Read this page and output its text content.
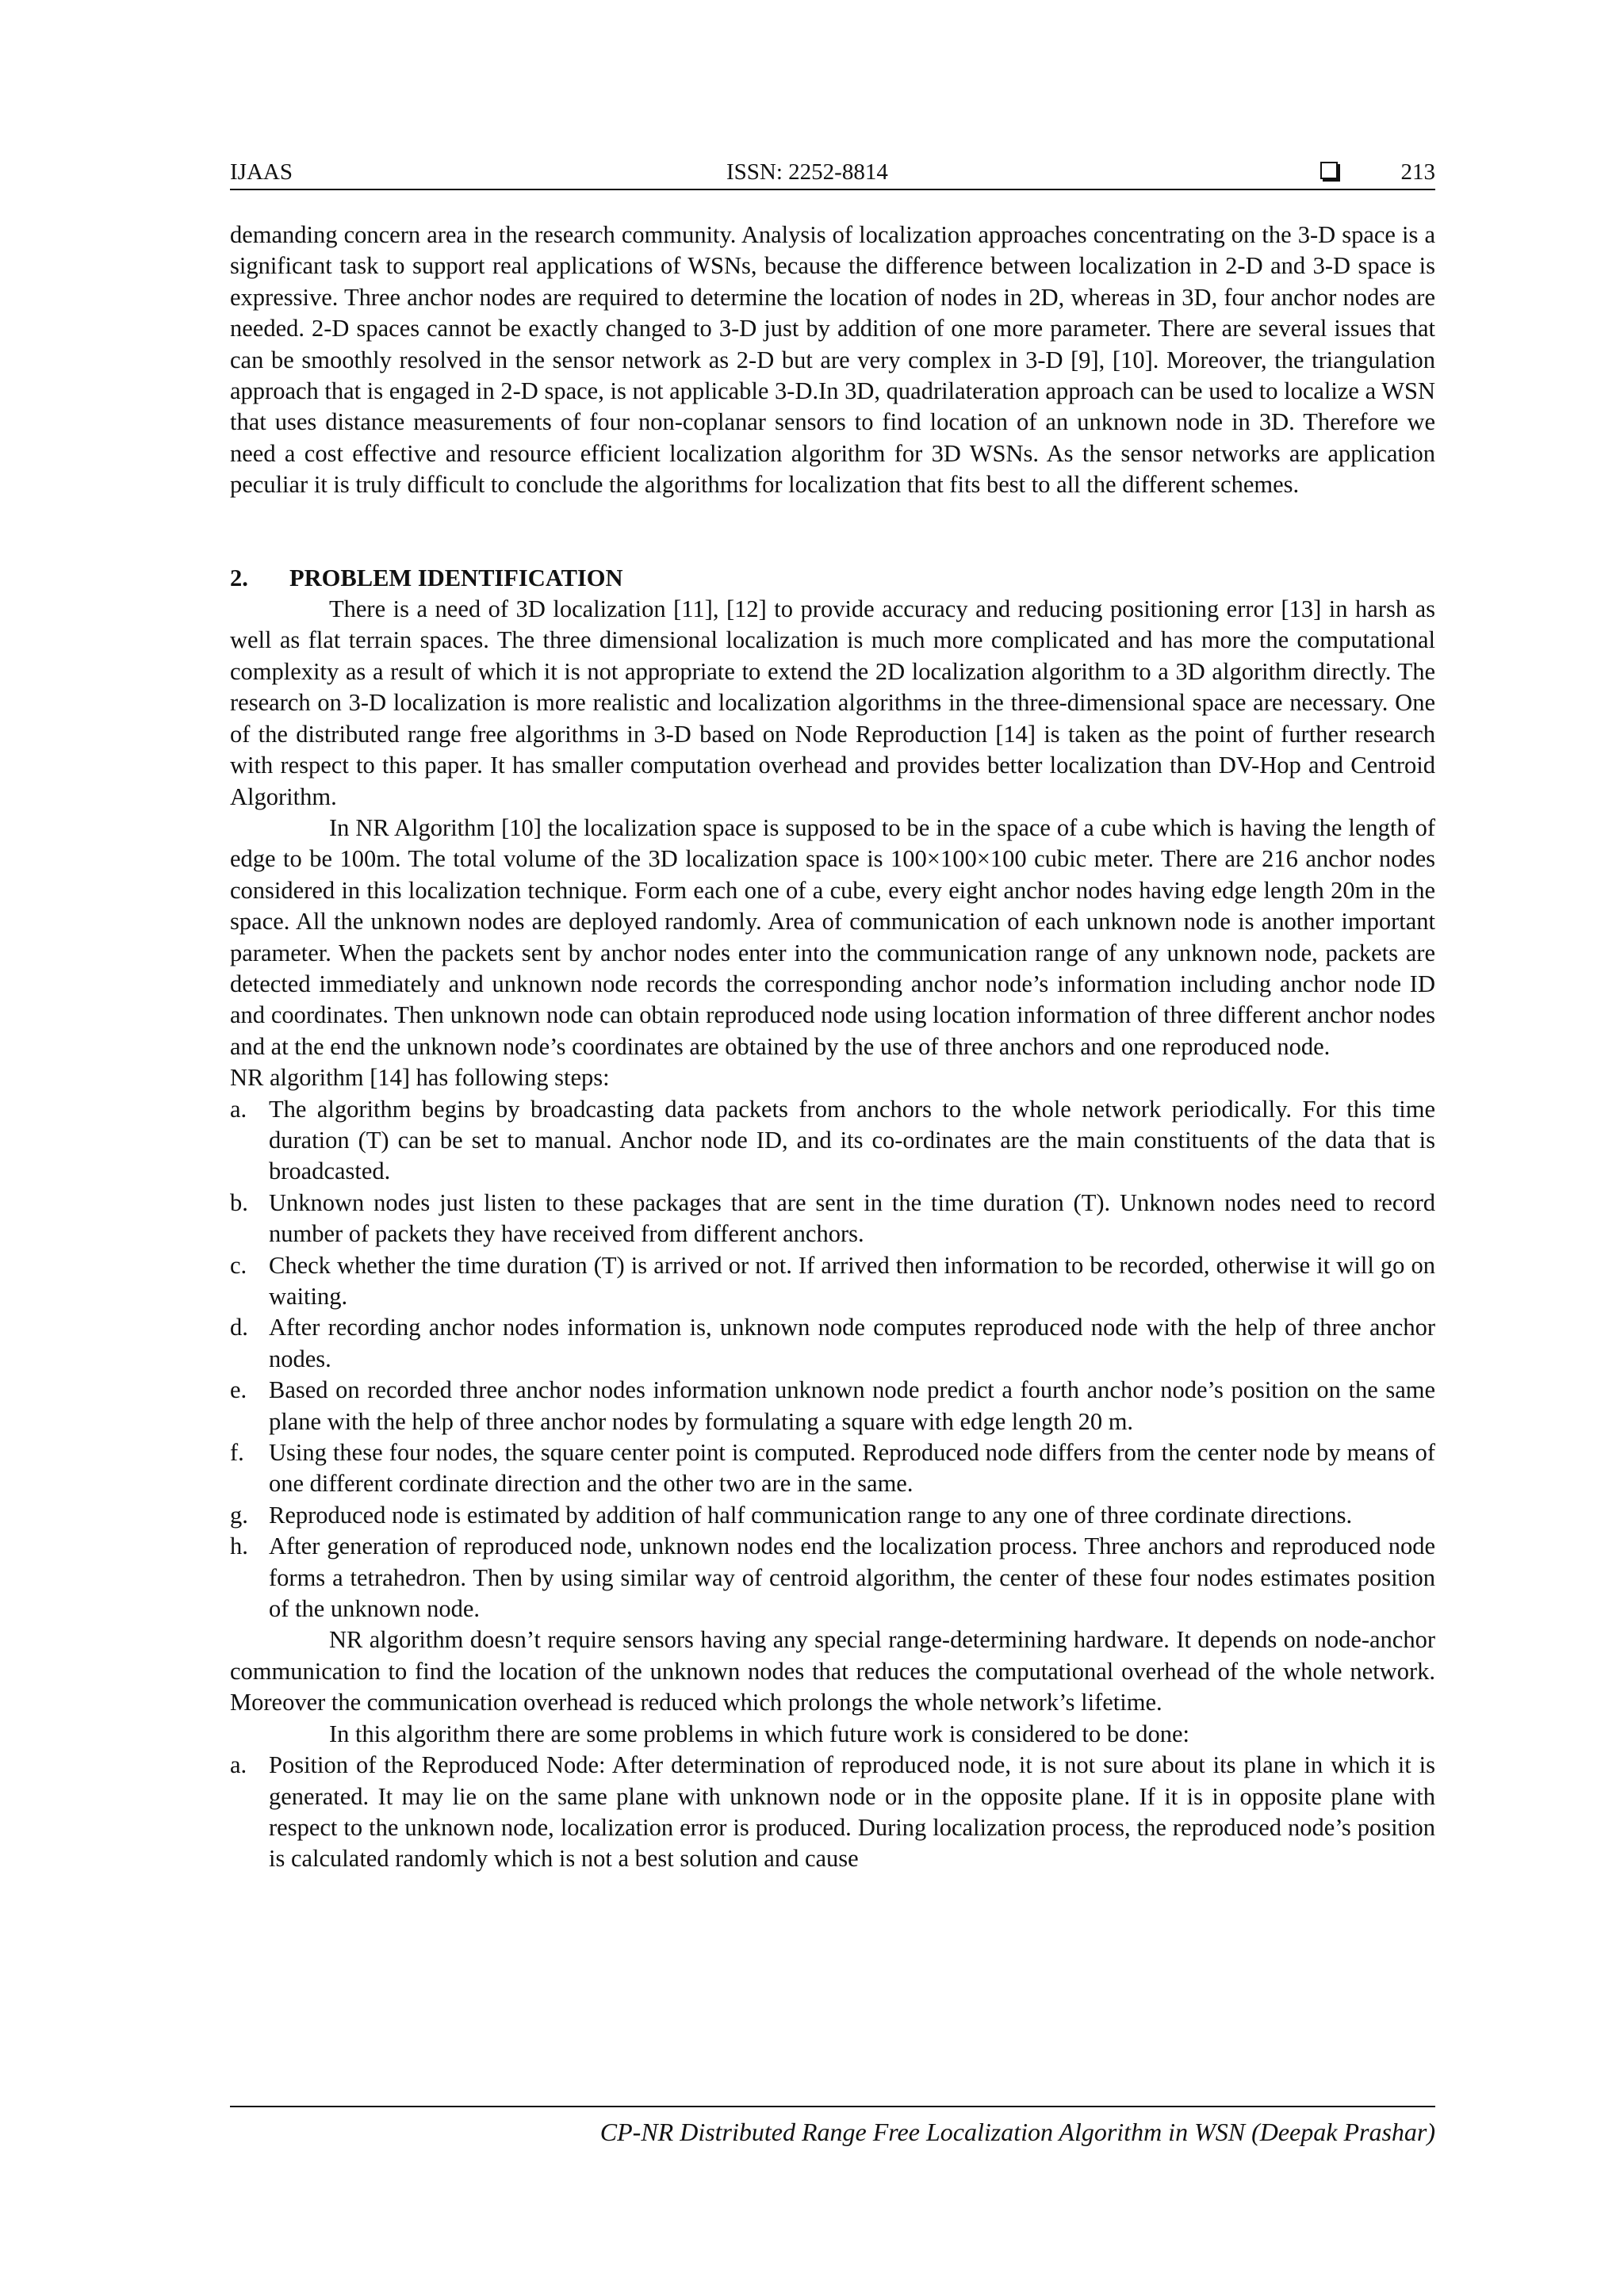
IJAAS	ISSN: 2252-8814	213

demanding concern area in the research community. Analysis of localization approaches concentrating on the 3-D space is a significant task to support real applications of WSNs, because the difference between localization in 2-D and 3-D space is expressive. Three anchor nodes are required to determine the location of nodes in 2D, whereas in 3D, four anchor nodes are needed. 2-D spaces cannot be exactly changed to 3-D just by addition of one more parameter. There are several issues that can be smoothly resolved in the sensor network as 2-D but are very complex in 3-D [9], [10]. Moreover, the triangulation approach that is engaged in 2-D space, is not applicable 3-D.In 3D, quadrilateration approach can be used to localize a WSN that uses distance measurements of four non-coplanar sensors to find location of an unknown node in 3D. Therefore we need a cost effective and resource efficient localization algorithm for 3D WSNs. As the sensor networks are application peculiar it is truly difficult to conclude the algorithms for localization that fits best to all the different schemes.

2. PROBLEM IDENTIFICATION

There is a need of 3D localization [11], [12] to provide accuracy and reducing positioning error [13] in harsh as well as flat terrain spaces. The three dimensional localization is much more complicated and has more the computational complexity as a result of which it is not appropriate to extend the 2D localization algorithm to a 3D algorithm directly. The research on 3-D localization is more realistic and localization algorithms in the three-dimensional space are necessary. One of the distributed range free algorithms in 3-D based on Node Reproduction [14] is taken as the point of further research with respect to this paper. It has smaller computation overhead and provides better localization than DV-Hop and Centroid Algorithm.

In NR Algorithm [10] the localization space is supposed to be in the space of a cube which is having the length of edge to be 100m. The total volume of the 3D localization space is 100×100×100 cubic meter. There are 216 anchor nodes considered in this localization technique. Form each one of a cube, every eight anchor nodes having edge length 20m in the space. All the unknown nodes are deployed randomly. Area of communication of each unknown node is another important parameter. When the packets sent by anchor nodes enter into the communication range of any unknown node, packets are detected immediately and unknown node records the corresponding anchor node’s information including anchor node ID and coordinates. Then unknown node can obtain reproduced node using location information of three different anchor nodes and at the end the unknown node’s coordinates are obtained by the use of three anchors and one reproduced node.

NR algorithm [14] has following steps:

a. The algorithm begins by broadcasting data packets from anchors to the whole network periodically. For this time duration (T) can be set to manual. Anchor node ID, and its co-ordinates are the main constituents of the data that is broadcasted.
b. Unknown nodes just listen to these packages that are sent in the time duration (T). Unknown nodes need to record number of packets they have received from different anchors.
c. Check whether the time duration (T) is arrived or not. If arrived then information to be recorded, otherwise it will go on waiting.
d. After recording anchor nodes information is, unknown node computes reproduced node with the help of three anchor nodes.
e. Based on recorded three anchor nodes information unknown node predict a fourth anchor node’s position on the same plane with the help of three anchor nodes by formulating a square with edge length 20 m.
f. Using these four nodes, the square center point is computed. Reproduced node differs from the center node by means of one different cordinate direction and the other two are in the same.
g. Reproduced node is estimated by addition of half communication range to any one of three cordinate directions.
h. After generation of reproduced node, unknown nodes end the localization process. Three anchors and reproduced node forms a tetrahedron. Then by using similar way of centroid algorithm, the center of these four nodes estimates position of the unknown node.

NR algorithm doesn’t require sensors having any special range-determining hardware. It depends on node-anchor communication to find the location of the unknown nodes that reduces the computational overhead of the whole network. Moreover the communication overhead is reduced which prolongs the whole network’s lifetime.

In this algorithm there are some problems in which future work is considered to be done:

a. Position of the Reproduced Node: After determination of reproduced node, it is not sure about its plane in which it is generated. It may lie on the same plane with unknown node or in the opposite plane. If it is in opposite plane with respect to the unknown node, localization error is produced. During localization process, the reproduced node’s position is calculated randomly which is not a best solution and cause
CP-NR Distributed Range Free Localization Algorithm in WSN (Deepak Prashar)
